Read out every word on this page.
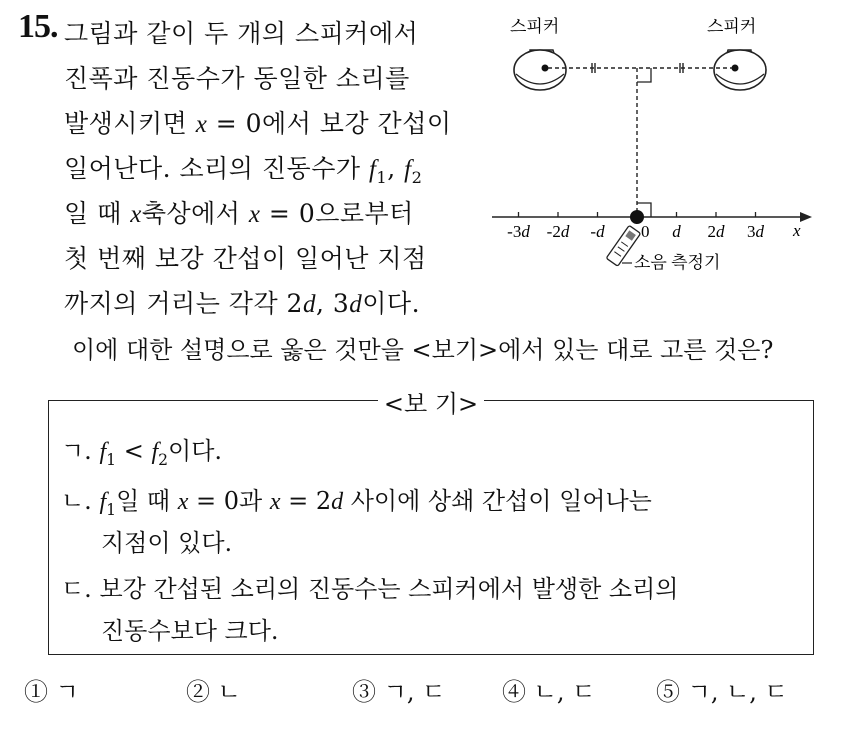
15. 그림과 같이 두 개의 스피커에서
진폭과 진동수가 동일한 소리를
발생시키면 x = 0에서 보강 간섭이
일어난다. 소리의 진동수가 $f_1$, $f_2$
일 때 x축상에서 x = 0으로부터
첫 번째 보강 간섭이 일어난 지점
까지의 거리는 각각 2d, 3d이다.
스피커	스피커
-3d -2d -d 0 d 2d 3d x
소음 측정기
이에 대한 설명으로 옳은 것만을 <보기>에서 있는 대로 고른 것은?
<보 기>
ㄱ. $f_1 < f_2$이다.
ㄴ. $f_1$일 때 x = 0과 x = 2d 사이에 상쇄 간섭이 일어나는
지점이 있다.
ㄷ. 보강 간섭된 소리의 진동수는 스피커에서 발생한 소리의
진동수보다 크다.
① ㄱ	② ㄴ	③ ㄱ, ㄷ ④ ㄴ, ㄷ	⑤ ㄱ, ㄴ, ㄷ
